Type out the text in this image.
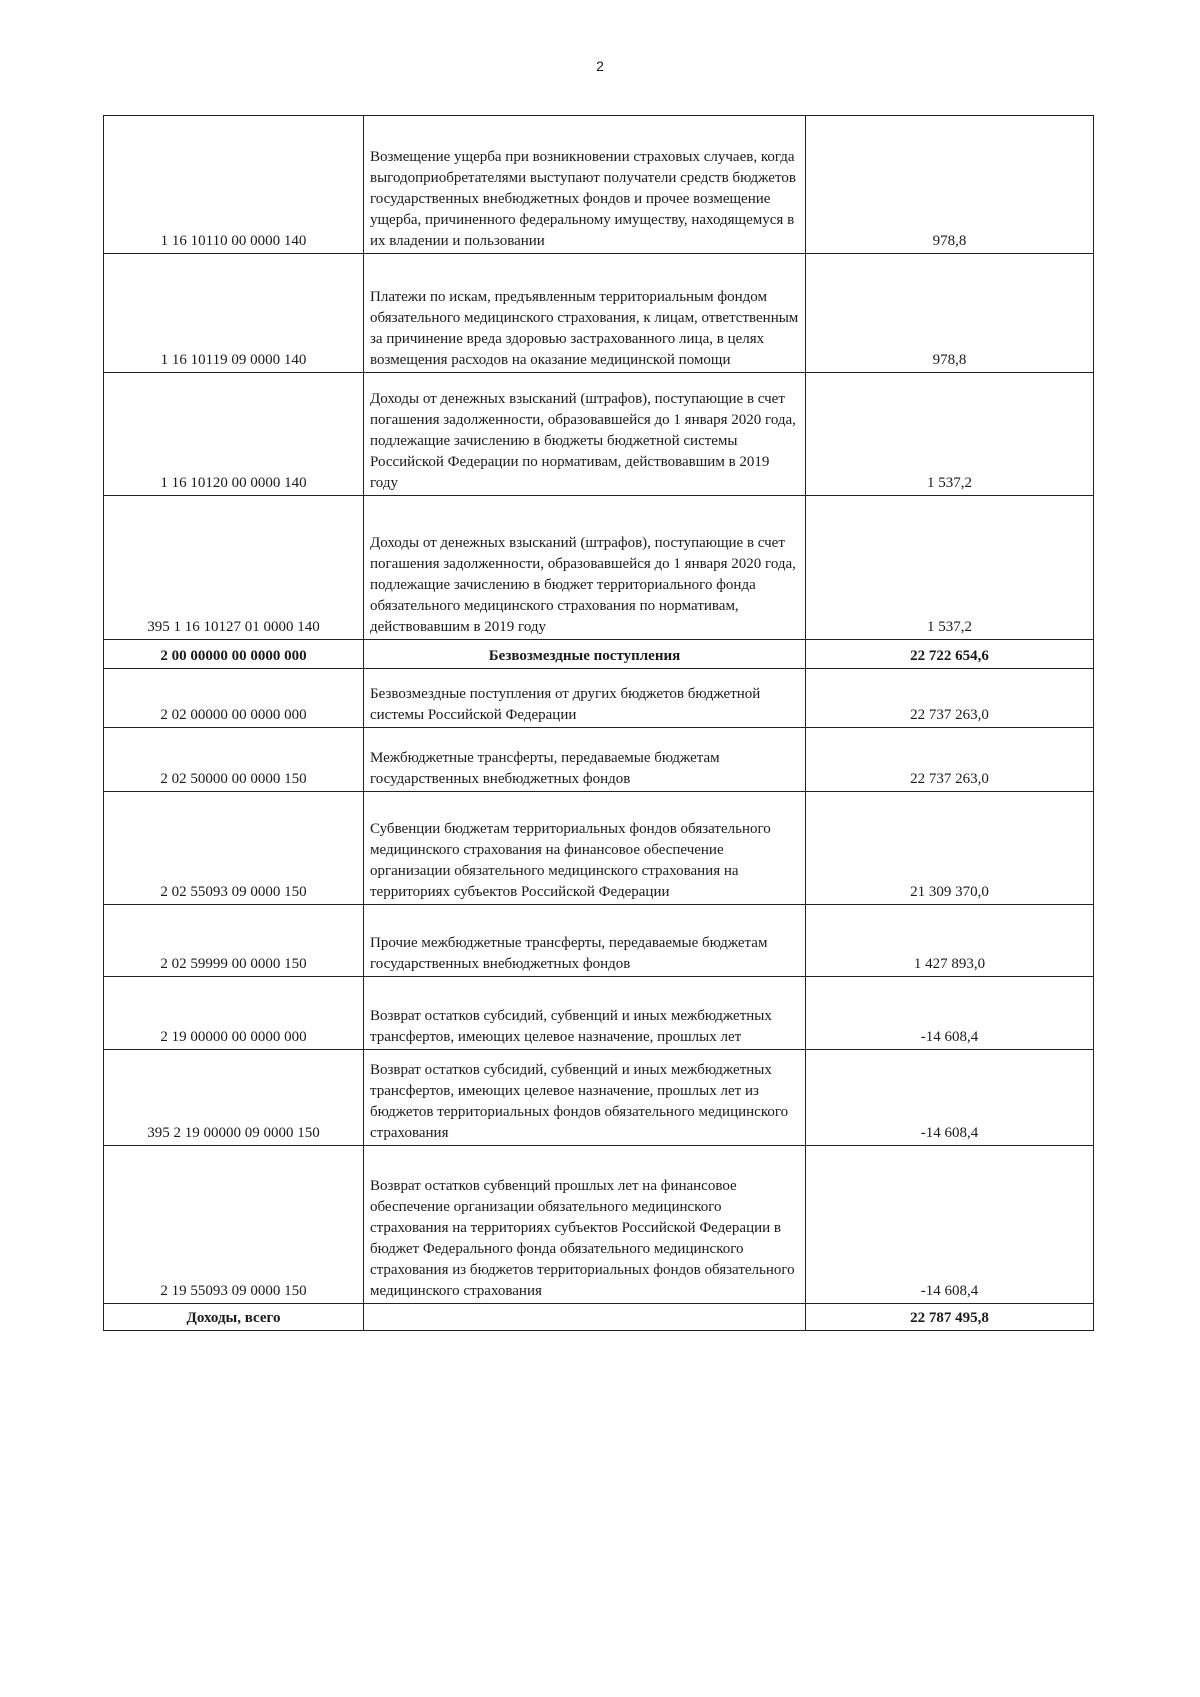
2
1 16 10110 00 0000 140	Возмещение ущерба при возникновении страховых случаев, когда выгодоприобретателями выступают получатели средств бюджетов государственных внебюджетных фондов и прочее возмещение ущерба, причиненного федеральному имуществу, находящемуся в их владении и пользовании	978,8
1 16 10119 09 0000 140	Платежи по искам, предъявленным территориальным фондом обязательного медицинского страхования, к лицам, ответственным за причинение вреда здоровью застрахованного лица, в целях возмещения расходов на оказание медицинской помощи	978,8
1 16 10120 00 0000 140	Доходы от денежных взысканий (штрафов), поступающие в счет погашения задолженности, образовавшейся до 1 января 2020 года, подлежащие зачислению в бюджеты бюджетной системы Российской Федерации по нормативам, действовавшим в 2019 году	1 537,2
395 1 16 10127 01 0000 140	Доходы от денежных взысканий (штрафов), поступающие в счет погашения задолженности, образовавшейся до 1 января 2020 года, подлежащие зачислению в бюджет территориального фонда обязательного медицинского страхования по нормативам, действовавшим в 2019 году	1 537,2
2 00 00000 00 0000 000	Безвозмездные поступления	22 722 654,6
2 02 00000 00 0000 000	Безвозмездные поступления от других бюджетов бюджетной системы Российской Федерации	22 737 263,0
2 02 50000 00 0000 150	Межбюджетные трансферты, передаваемые бюджетам государственных внебюджетных фондов	22 737 263,0
2 02 55093 09 0000 150	Субвенции бюджетам территориальных фондов обязательного медицинского страхования на финансовое обеспечение организации обязательного медицинского страхования на территориях субъектов Российской Федерации	21 309 370,0
2 02 59999 00 0000 150	Прочие межбюджетные трансферты, передаваемые бюджетам государственных внебюджетных фондов	1 427 893,0
2 19 00000 00 0000 000	Возврат остатков субсидий, субвенций и иных межбюджетных трансфертов, имеющих целевое назначение, прошлых лет	-14 608,4
395 2 19 00000 09 0000 150	Возврат остатков субсидий, субвенций и иных межбюджетных трансфертов, имеющих целевое назначение, прошлых лет из бюджетов территориальных фондов обязательного медицинского страхования	-14 608,4
2 19 55093 09 0000 150	Возврат остатков субвенций прошлых лет на финансовое обеспечение организации обязательного медицинского страхования на территориях субъектов Российской Федерации в бюджет Федерального фонда обязательного медицинского страхования из бюджетов территориальных фондов обязательного медицинского страхования	-14 608,4
Доходы, всего		22 787 495,8
